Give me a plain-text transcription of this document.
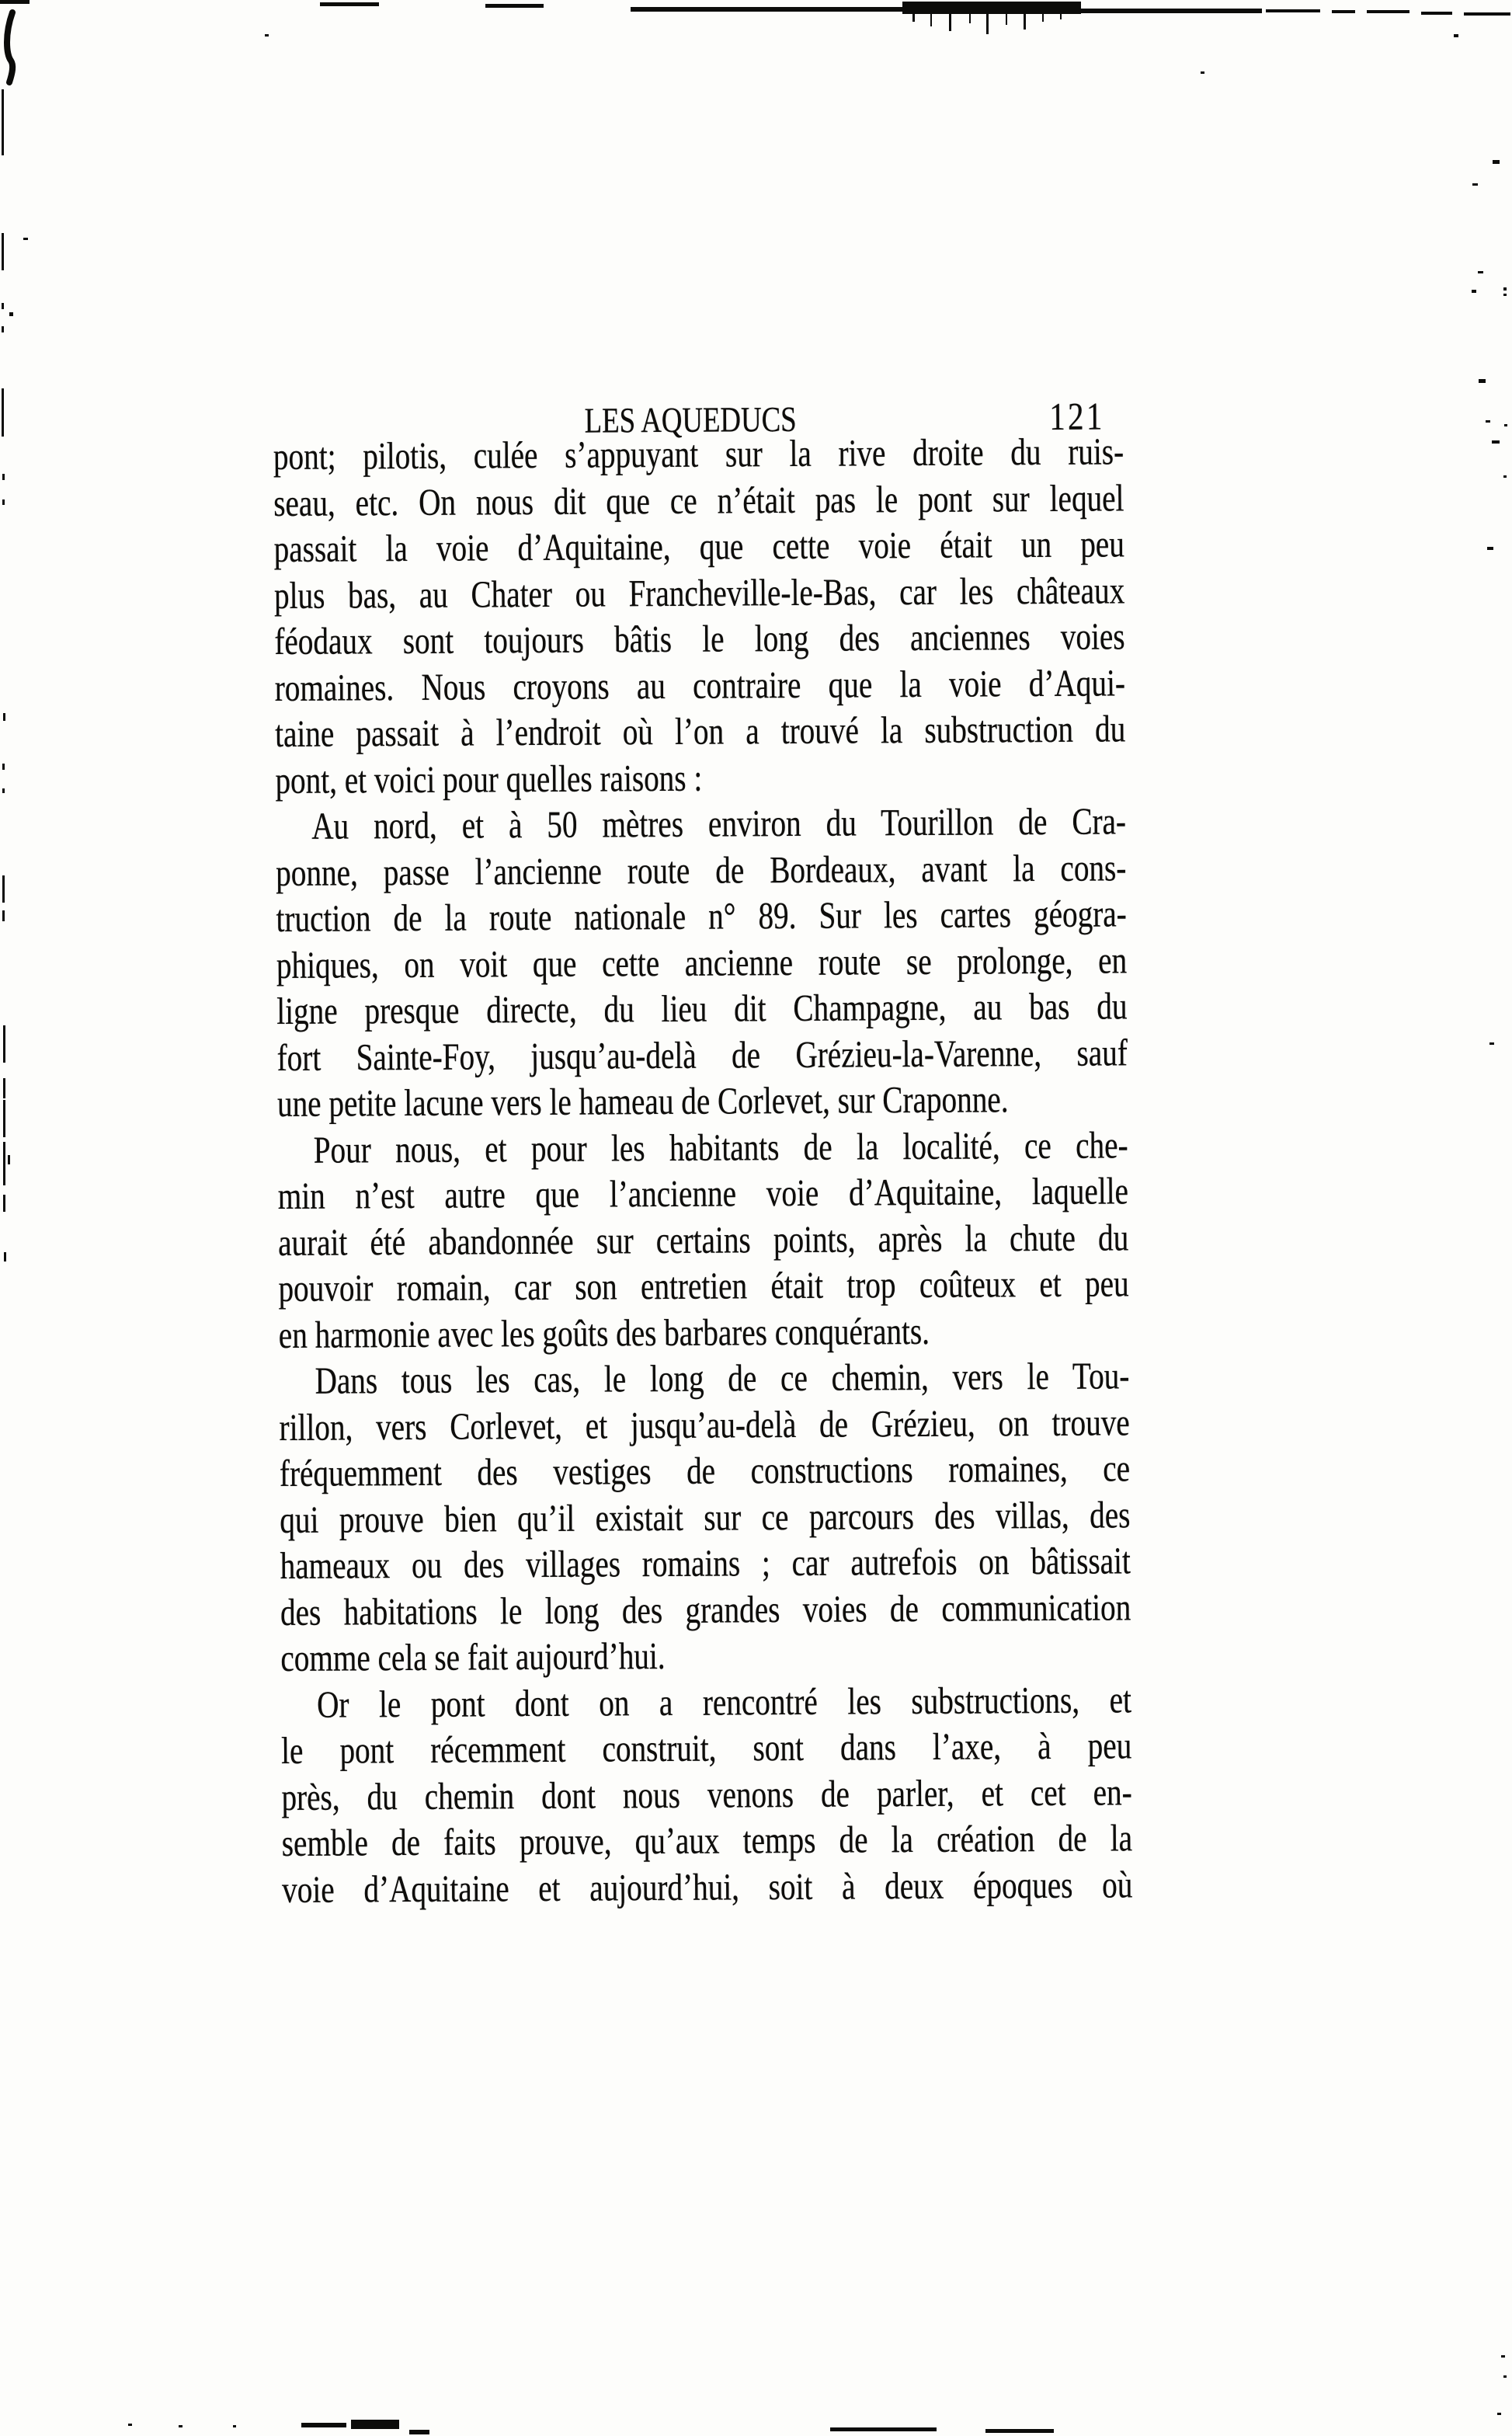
LES AQUEDUCS	121
pont; pilotis, culée s’appuyant sur la rive droite du ruis-
seau, etc. On nous dit que ce n’était pas le pont sur lequel
passait la voie d’Aquitaine, que cette voie était un peu
plus bas, au Chater ou Francheville-le-Bas, car les châteaux
féodaux sont toujours bâtis le long des anciennes voies
romaines. Nous croyons au contraire que la voie d’Aqui-
taine passait à l’endroit où l’on a trouvé la substruction du
pont, et voici pour quelles raisons :
Au nord, et à 50 mètres environ du Tourillon de Cra-
ponne, passe l’ancienne route de Bordeaux, avant la cons-
truction de la route nationale n° 89. Sur les cartes géogra-
phiques, on voit que cette ancienne route se prolonge, en
ligne presque directe, du lieu dit Champagne, au bas du
fort Sainte-Foy, jusqu’au-delà de Grézieu-la-Varenne, sauf
une petite lacune vers le hameau de Corlevet, sur Craponne.
Pour nous, et pour les habitants de la localité, ce che-
min n’est autre que l’ancienne voie d’Aquitaine, laquelle
aurait été abandonnée sur certains points, après la chute du
pouvoir romain, car son entretien était trop coûteux et peu
en harmonie avec les goûts des barbares conquérants.
Dans tous les cas, le long de ce chemin, vers le Tou-
rillon, vers Corlevet, et jusqu’au-delà de Grézieu, on trouve
fréquemment des vestiges de constructions romaines, ce
qui prouve bien qu’il existait sur ce parcours des villas, des
hameaux ou des villages romains ; car autrefois on bâtissait
des habitations le long des grandes voies de communication
comme cela se fait aujourd’hui.
Or le pont dont on a rencontré les substructions, et
le pont récemment construit, sont dans l’axe, à peu
près, du chemin dont nous venons de parler, et cet en-
semble de faits prouve, qu’aux temps de la création de la
voie d’Aquitaine et aujourd’hui, soit à deux époques où
